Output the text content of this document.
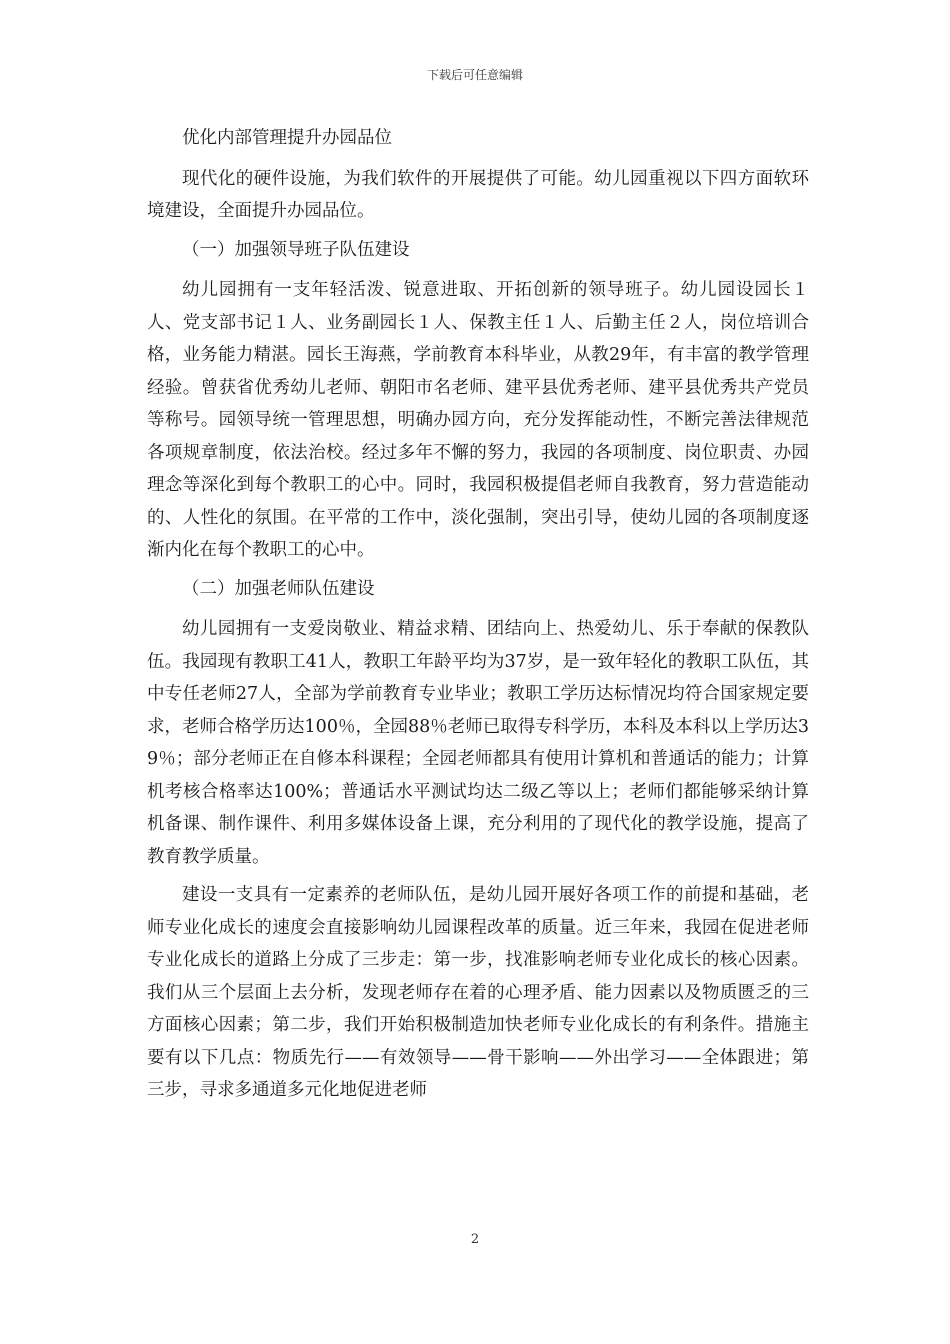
下载后可任意编辑

优化内部管理提升办园品位

现代化的硬件设施，为我们软件的开展提供了可能。幼儿园重视以下四方面软环境建设，全面提升办园品位。

（一）加强领导班子队伍建设

幼儿园拥有一支年轻活泼、锐意进取、开拓创新的领导班子。幼儿园设园长１人、党支部书记１人、业务副园长１人、保教主任１人、后勤主任２人，岗位培训合格，业务能力精湛。园长王海燕，学前教育本科毕业，从教29年，有丰富的教学管理经验。曾获省优秀幼儿老师、朝阳市名老师、建平县优秀老师、建平县优秀共产党员等称号。园领导统一管理思想，明确办园方向，充分发挥能动性，不断完善法律规范各项规章制度，依法治校。经过多年不懈的努力，我园的各项制度、岗位职责、办园理念等深化到每个教职工的心中。同时，我园积极提倡老师自我教育，努力营造能动的、人性化的氛围。在平常的工作中，淡化强制，突出引导，使幼儿园的各项制度逐渐内化在每个教职工的心中。

（二）加强老师队伍建设

幼儿园拥有一支爱岗敬业、精益求精、团结向上、热爱幼儿、乐于奉献的保教队伍。我园现有教职工41人，教职工年龄平均为37岁，是一致年轻化的教职工队伍，其中专任老师27人，全部为学前教育专业毕业；教职工学历达标情况均符合国家规定要求，老师合格学历达100％，全园88％老师已取得专科学历，本科及本科以上学历达39％；部分老师正在自修本科课程；全园老师都具有使用计算机和普通话的能力；计算机考核合格率达100%；普通话水平测试均达二级乙等以上；老师们都能够采纳计算机备课、制作课件、利用多媒体设备上课，充分利用的了现代化的教学设施，提高了教育教学质量。

建设一支具有一定素养的老师队伍，是幼儿园开展好各项工作的前提和基础，老师专业化成长的速度会直接影响幼儿园课程改革的质量。近三年来，我园在促进老师专业化成长的道路上分成了三步走：第一步，找准影响老师专业化成长的核心因素。我们从三个层面上去分析，发现老师存在着的心理矛盾、能力因素以及物质匮乏的三方面核心因素；第二步，我们开始积极制造加快老师专业化成长的有利条件。措施主要有以下几点：物质先行——有效领导——骨干影响——外出学习——全体跟进；第三步，寻求多通道多元化地促进老师

2
